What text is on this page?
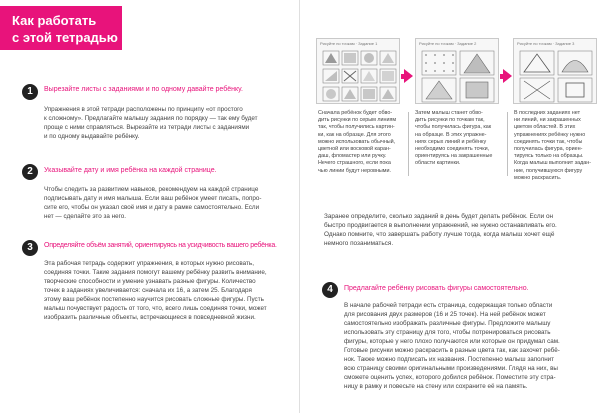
Как работать
с этой тетрадью
1	Вырезайте листы с заданиями и по одному давайте ребёнку.
Упражнения в этой тетради расположены по принципу «от простого
к сложному». Предлагайте малышу задания по порядку — так ему будет
проще с ними справляться. Вырезайте из тетради листы с заданиями
и по одному выдавайте ребёнку.
2	Указывайте дату и имя ребёнка на каждой странице.
Чтобы следить за развитием навыков, рекомендуем на каждой странице
подписывать дату и имя малыша. Если ваш ребёнок умеет писать, попро-
сите его, чтобы он указал своё имя и дату в рамке самостоятельно. Если
нет — сделайте это за него.
3	Определяйте объём занятий, ориентируясь на усидчивость вашего ребёнка.
Эта рабочая тетрадь содержит упражнения, в которых нужно рисовать,
соединяя точки. Такие задания помогут вашему ребёнку развить внимание,
творческие способности и умение узнавать разные фигуры. Количество
точек в заданиях увеличивается: сначала их 16, а затем 25. Благодаря
этому ваш ребёнок постепенно научится рисовать сложные фигуры. Пусть
малыш почувствует радость от того, что, всего лишь соединяя точки, может
изобразить различные объекты, встречающиеся в повседневной жизни.
Рисуйте по точкам · Задание 1	Рисуйте по точкам · Задание 2	Рисуйте по точкам · Задание 3
Сначала ребёнок будет обво-
дить рисунки по серым линиям
так, чтобы получились картин-
ки, как на образце. Для этого
можно использовать обычный,
цветной или восковой каран-
даш, фломастер или ручку.
Нечего страшного, если пока
чью линии будут неровными.
Затем малыш станет обво-
дить рисунки по точкам так,
чтобы получилась фигура, как
на образце. В этих упражне-
ниях серых линий и ребёнку
необходимо соединять точки,
ориентируясь на закрашенные
области картинки.
В последних заданиях нет
ни линий, ни закрашенных
цветом областей. В этих
упражнениях ребёнку нужно
соединять точки так, чтобы
получилась фигура, ориен-
тируясь только на образцы.
Когда малыш выполнит задан-
ние, получившуюся фигуру
можно раскрасить.
Заранее определите, сколько заданий в день будет делать ребёнок. Если он
быстро продвигается в выполнении упражнений, не нужно останавливать его.
Однако помните, что завершать работу лучше тогда, когда малыш хочет ещё
немного позаниматься.
4	Предлагайте ребёнку рисовать фигуры самостоятельно.
В начале рабочей тетради есть страница, содержащая только области
для рисования двух размеров (16 и 25 точек). На ней ребёнок может
самостоятельно изображать различные фигуры. Предложите малышу
использовать эту страницу для того, чтобы потренироваться рисовать
фигуры, которые у него плохо получаются или которые он придумал сам.
Готовые рисунки можно раскрасить в разные цвета так, как захочет ребё-
нок. Также можно подписать их названия. Постепенно малыш заполнит
всю страницу своими оригинальными произведениями. Глядя на них, вы
сможете оценить успех, которого добился ребёнок. Поместите эту стра-
ницу в рамку и повесьте на стену или сохраните её на память.
